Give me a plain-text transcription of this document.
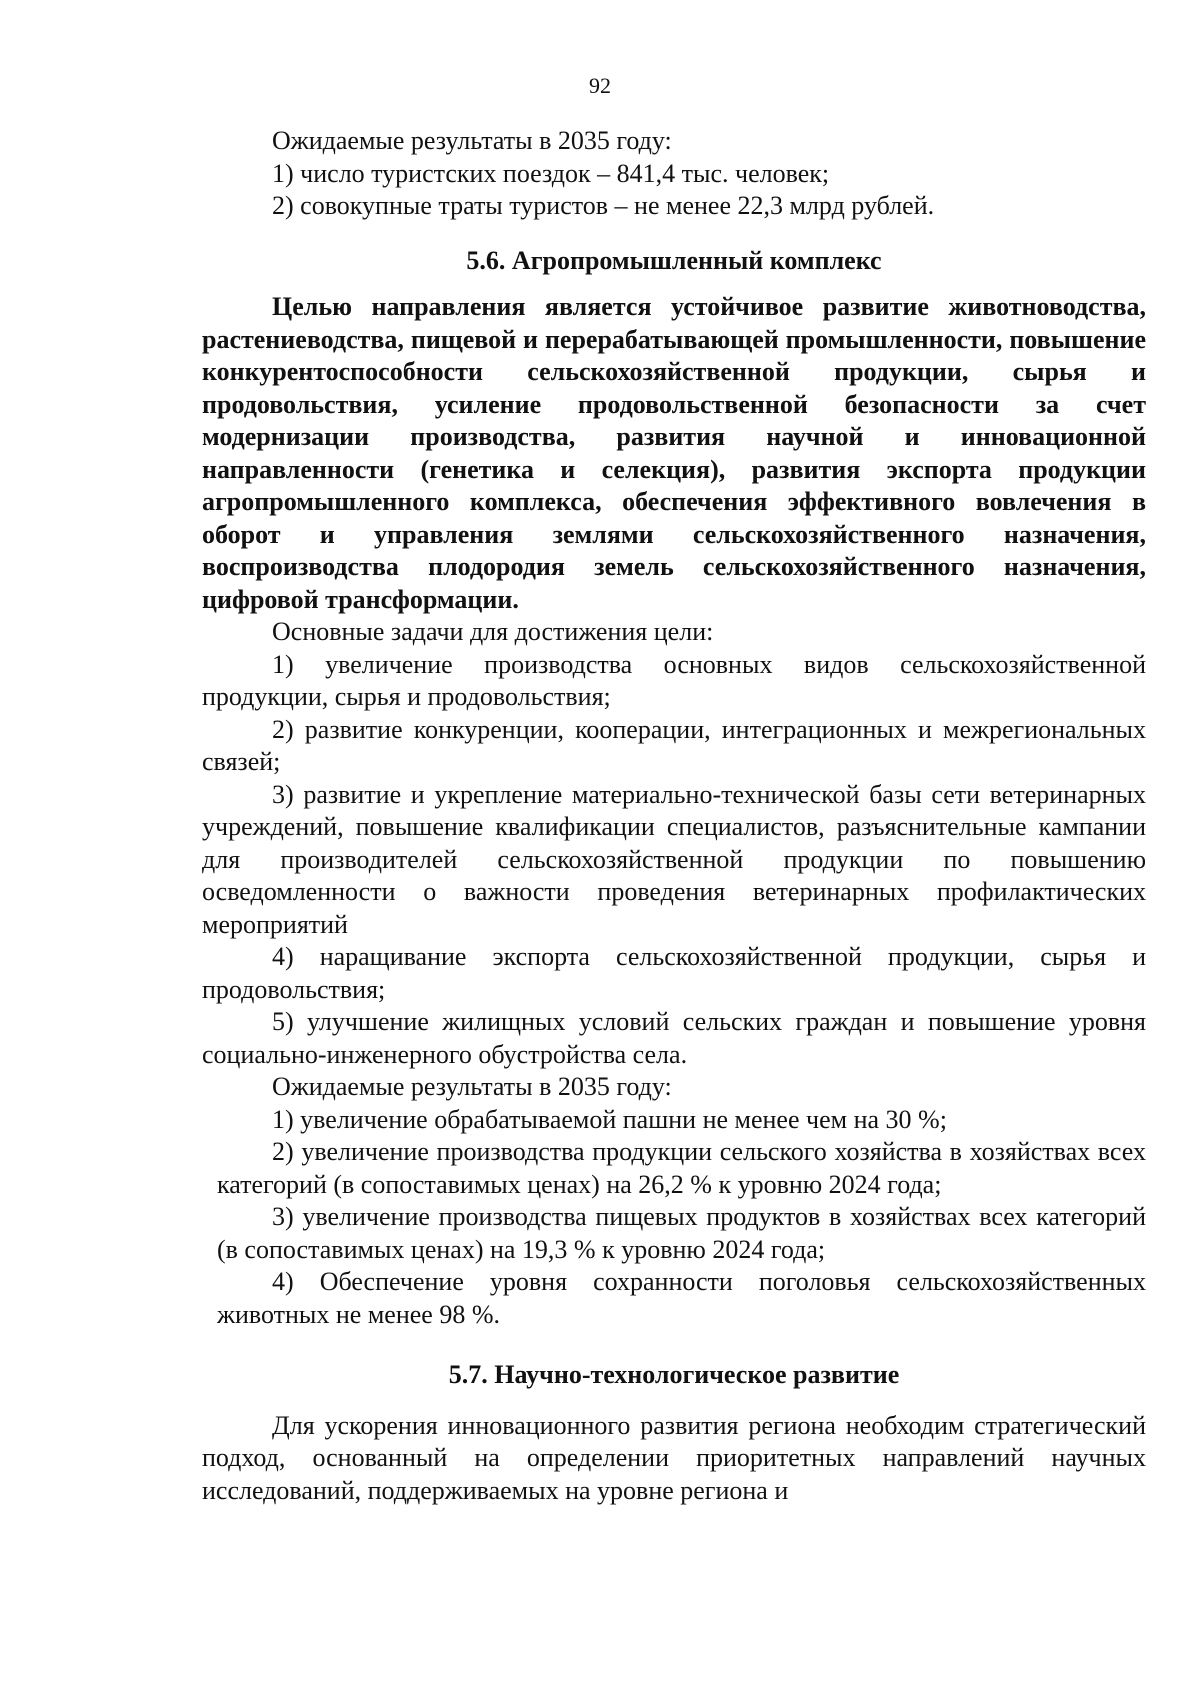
92

Ожидаемые результаты в 2035 году:

1) число туристских поездок – 841,4 тыс. человек;

2) совокупные траты туристов – не менее 22,3 млрд рублей.

5.6. Агропромышленный комплекс

Целью направления является устойчивое развитие животноводства, растениеводства, пищевой и перерабатывающей промышленности, повышение конкурентоспособности сельскохозяйственной продукции, сырья и продовольствия, усиление продовольственной безопасности за счет модернизации производства, развития научной и инновационной направленности (генетика и селекция), развития экспорта продукции агропромышленного комплекса, обеспечения эффективного вовлечения в оборот и управления землями сельскохозяйственного назначения, воспроизводства плодородия земель сельскохозяйственного назначения, цифровой трансформации.

Основные задачи для достижения цели:

1) увеличение производства основных видов сельскохозяйственной продукции, сырья и продовольствия;

2) развитие конкуренции, кооперации, интеграционных и межрегиональных связей;

3) развитие и укрепление материально-технической базы сети ветеринарных учреждений, повышение квалификации специалистов, разъяснительные кампании для производителей сельскохозяйственной продукции по повышению осведомленности о важности проведения ветеринарных профилактических мероприятий

4) наращивание экспорта сельскохозяйственной продукции, сырья и продовольствия;

5) улучшение жилищных условий сельских граждан и повышение уровня социально-инженерного обустройства села.

Ожидаемые результаты в 2035 году:

1) увеличение обрабатываемой пашни не менее чем на 30 %;

2) увеличение производства продукции сельского хозяйства в хозяйствах всех категорий (в сопоставимых ценах) на 26,2 % к уровню 2024 года;

3) увеличение производства пищевых продуктов в хозяйствах всех категорий (в сопоставимых ценах) на 19,3 % к уровню 2024 года;

4) Обеспечение уровня сохранности поголовья сельскохозяйственных животных не менее 98 %.

5.7. Научно-технологическое развитие

Для ускорения инновационного развития региона необходим стратегический подход, основанный на определении приоритетных направлений научных исследований, поддерживаемых на уровне региона и
